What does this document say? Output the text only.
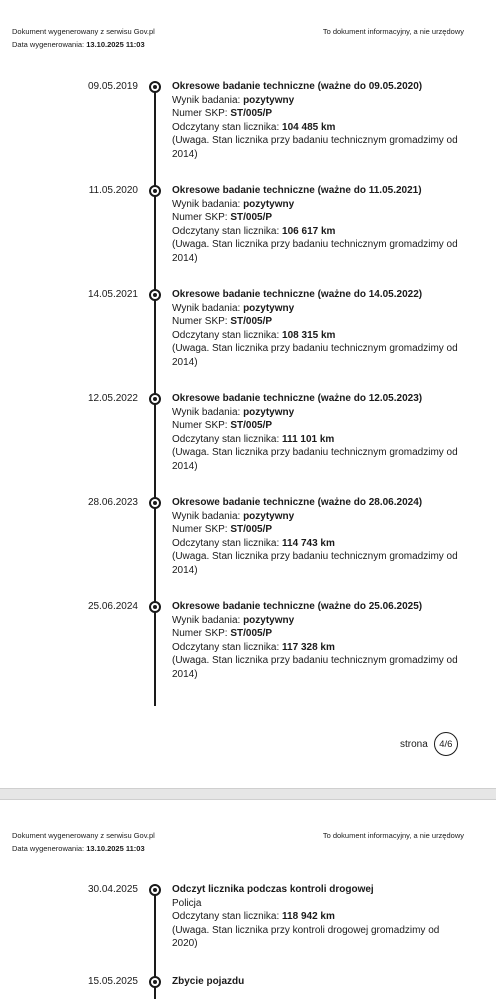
Dokument wygenerowany z serwisu Gov.pl	To dokument informacyjny, a nie urzędowy
Data wygenerowania: 13.10.2025 11:03
09.05.2019	Okresowe badanie techniczne (ważne do 09.05.2020)
Wynik badania: pozytywny
Numer SKP: ST/005/P
Odczytany stan licznika: 104 485 km
(Uwaga. Stan licznika przy badaniu technicznym gromadzimy od 2014)
11.05.2020	Okresowe badanie techniczne (ważne do 11.05.2021)
Wynik badania: pozytywny
Numer SKP: ST/005/P
Odczytany stan licznika: 106 617 km
(Uwaga. Stan licznika przy badaniu technicznym gromadzimy od 2014)
14.05.2021	Okresowe badanie techniczne (ważne do 14.05.2022)
Wynik badania: pozytywny
Numer SKP: ST/005/P
Odczytany stan licznika: 108 315 km
(Uwaga. Stan licznika przy badaniu technicznym gromadzimy od 2014)
12.05.2022	Okresowe badanie techniczne (ważne do 12.05.2023)
Wynik badania: pozytywny
Numer SKP: ST/005/P
Odczytany stan licznika: 111 101 km
(Uwaga. Stan licznika przy badaniu technicznym gromadzimy od 2014)
28.06.2023	Okresowe badanie techniczne (ważne do 28.06.2024)
Wynik badania: pozytywny
Numer SKP: ST/005/P
Odczytany stan licznika: 114 743 km
(Uwaga. Stan licznika przy badaniu technicznym gromadzimy od 2014)
25.06.2024	Okresowe badanie techniczne (ważne do 25.06.2025)
Wynik badania: pozytywny
Numer SKP: ST/005/P
Odczytany stan licznika: 117 328 km
(Uwaga. Stan licznika przy badaniu technicznym gromadzimy od 2014)
strona	4/6
Dokument wygenerowany z serwisu Gov.pl	To dokument informacyjny, a nie urzędowy
Data wygenerowania: 13.10.2025 11:03
30.04.2025	Odczyt licznika podczas kontroli drogowej
Policja
Odczytany stan licznika: 118 942 km
(Uwaga. Stan licznika przy kontroli drogowej gromadzimy od 2020)
15.05.2025	Zbycie pojazdu
